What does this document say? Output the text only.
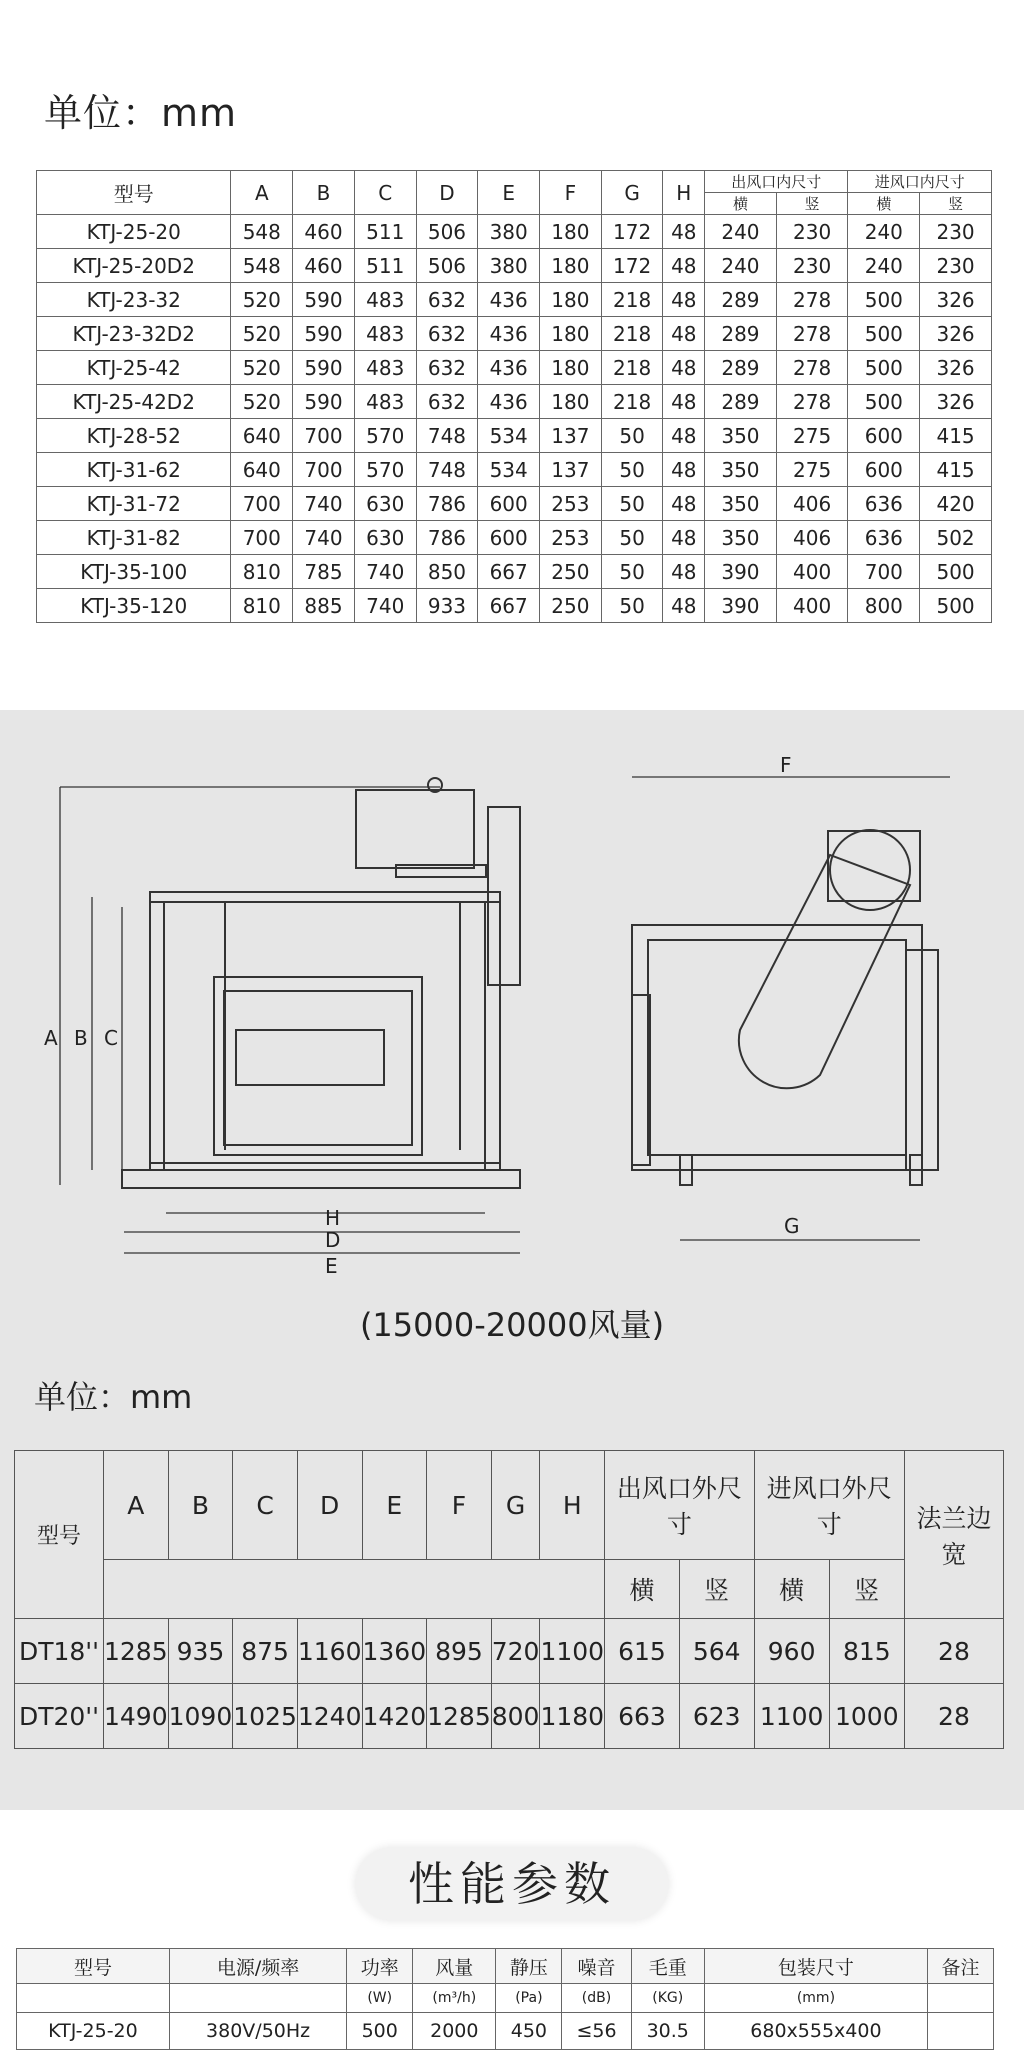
单位：mm
型号	A	B	C	D	E	F	G	H	出风口内尺寸		进风口内尺寸	
									横	竖	横	竖
KTJ-25-20	548	460	511	506	380	180	172	48	240	230	240	230
KTJ-25-20D2	548	460	511	506	380	180	172	48	240	230	240	230
KTJ-23-32	520	590	483	632	436	180	218	48	289	278	500	326
KTJ-23-32D2	520	590	483	632	436	180	218	48	289	278	500	326
KTJ-25-42	520	590	483	632	436	180	218	48	289	278	500	326
KTJ-25-42D2	520	590	483	632	436	180	218	48	289	278	500	326
KTJ-28-52	640	700	570	748	534	137	50	48	350	275	600	415
KTJ-31-62	640	700	570	748	534	137	50	48	350	275	600	415
KTJ-31-72	700	740	630	786	600	253	50	48	350	406	636	420
KTJ-31-82	700	740	630	786	600	253	50	48	350	406	636	502
KTJ-35-100	810	785	740	850	667	250	50	48	390	400	700	500
KTJ-35-120	810	885	740	933	667	250	50	48	390	400	800	500
A B C
H
D
E
F
G
(15000-20000风量)
单位：mm
型号	A	B	C	D	E	F	G	H	出风口外尺寸		进风口外尺寸		法兰边宽
									横	竖	横	竖	
DT18''	1285	935	875	1160	1360	895	720	1100	615	564	960	815	28
DT20''	1490	1090	1025	1240	1420	1285	800	1180	663	623	1100	1000	28
性能参数
型号	电源/频率	功率	风量	静压	噪音	毛重	包装尺寸	备注
		(W)	(m³/h)	(Pa)	(dB)	(KG)	(mm)	
KTJ-25-20	380V/50Hz	500	2000	450	≤56	30.5	680x555x400	
